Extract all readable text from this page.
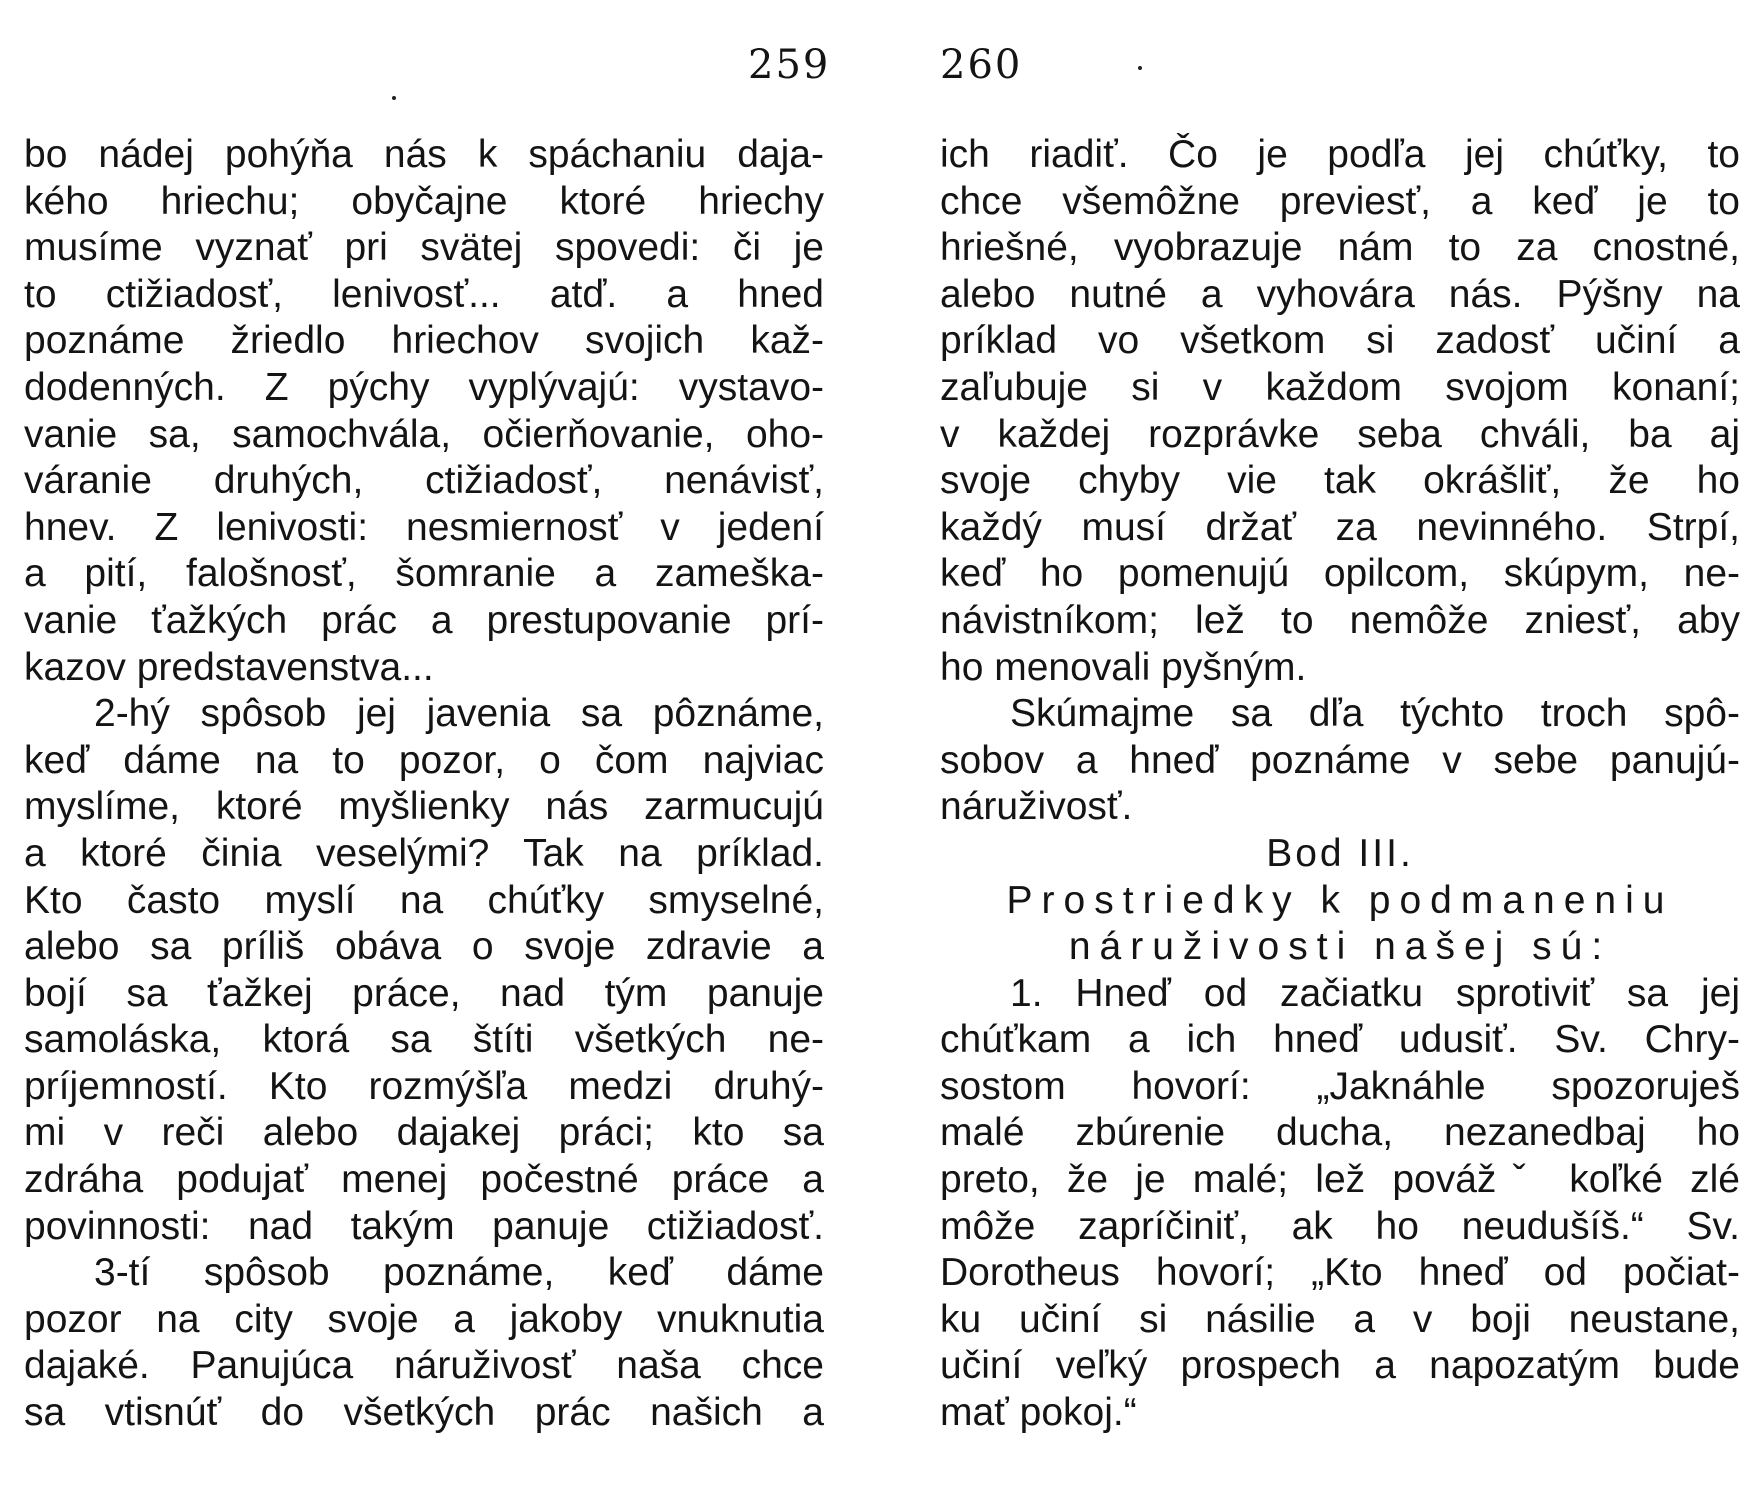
259
bo nádej pohýňa nás k spáchaniu daja-
kého hriechu; obyčajne ktoré hriechy
musíme vyznať pri svätej spovedi: či je
to ctižiadosť, lenivosť... atď. a hned
poznáme žriedlo hriechov svojich kaž-
dodenných. Z pýchy vyplývajú: vystavo-
vanie sa, samochvála, očierňovanie, oho-
váranie druhých, ctižiadosť, nenávisť,
hnev. Z lenivosti: nesmiernosť v jedení
a pití, falošnosť, šomranie a zameška-
vanie ťažkých prác a prestupovanie prí-
kazov predstavenstva...
2-hý spôsob jej javenia sa pôznáme,
keď dáme na to pozor, o čom najviac
myslíme, ktoré myšlienky nás zarmucujú
a ktoré činia veselými? Tak na príklad.
Kto často myslí na chúťky smyselné,
alebo sa príliš obáva o svoje zdravie a
bojí sa ťažkej práce, nad tým panuje
samoláska, ktorá sa štíti všetkých ne-
príjemností. Kto rozmýšľa medzi druhý-
mi v reči alebo dajakej práci; kto sa
zdráha podujať menej počestné práce a
povinnosti: nad takým panuje ctižiadosť.
3-tí spôsob poznáme, keď dáme
pozor na city svoje a jakoby vnuknutia
dajaké. Panujúca náruživosť naša chce
sa vtisnúť do všetkých prác našich a
260
ich riadiť. Čo je podľa jej chúťky, to
chce všemôžne previesť, a keď je to
hriešné, vyobrazuje nám to za cnostné,
alebo nutné a vyhovára nás. Pýšny na
príklad vo všetkom si zadosť učiní a
zaľubuje si v každom svojom konaní;
v každej rozprávke seba chváli, ba aj
svoje chyby vie tak okrášliť, že ho
každý musí držať za nevinného. Strpí,
keď ho pomenujú opilcom, skúpym, ne-
návistníkom; lež to nemôže zniesť, aby
ho menovali pyšným.
Skúmajme sa dľa týchto troch spô-
sobov a hneď poznáme v sebe panujú-
náruživosť.
Bod III.
Prostriedky k podmaneniu
náruživosti našej sú:
1. Hneď od začiatku sprotiviť sa jej
chúťkam a ich hneď udusiť. Sv. Chry-
sostom hovorí: „Jaknáhle spozoruješ
malé zbúrenie ducha, nezanedbaj ho
preto, že je malé; lež povážˇ koľké zlé
môže zapríčiniť, ak ho neudušíš.“ Sv.
Dorotheus hovorí; „Kto hneď od počiat-
ku učiní si násilie a v boji neustane,
učiní veľký prospech a napozatým bude
mať pokoj.“
